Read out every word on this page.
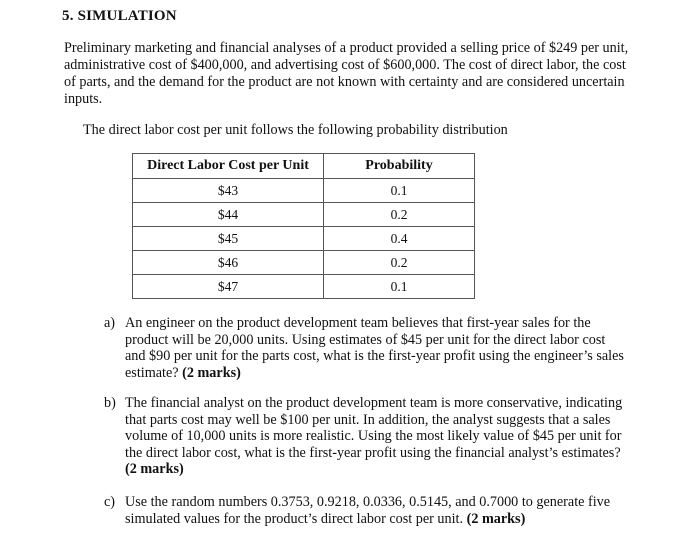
5. SIMULATION
Preliminary marketing and financial analyses of a product provided a selling price of $249 per unit, administrative cost of $400,000, and advertising cost of $600,000. The cost of direct labor, the cost of parts, and the demand for the product are not known with certainty and are considered uncertain inputs.
The direct labor cost per unit follows the following probability distribution
Direct Labor Cost per Unit	Probability
$43	0.1
$44	0.2
$45	0.4
$46	0.2
$47	0.1
a) An engineer on the product development team believes that first-year sales for the product will be 20,000 units. Using estimates of $45 per unit for the direct labor cost and $90 per unit for the parts cost, what is the first-year profit using the engineer’s sales estimate? (2 marks)
b) The financial analyst on the product development team is more conservative, indicating that parts cost may well be $100 per unit. In addition, the analyst suggests that a sales volume of 10,000 units is more realistic. Using the most likely value of $45 per unit for the direct labor cost, what is the first-year profit using the financial analyst’s estimates? (2 marks)
c) Use the random numbers 0.3753, 0.9218, 0.0336, 0.5145, and 0.7000 to generate five simulated values for the product’s direct labor cost per unit. (2 marks)
